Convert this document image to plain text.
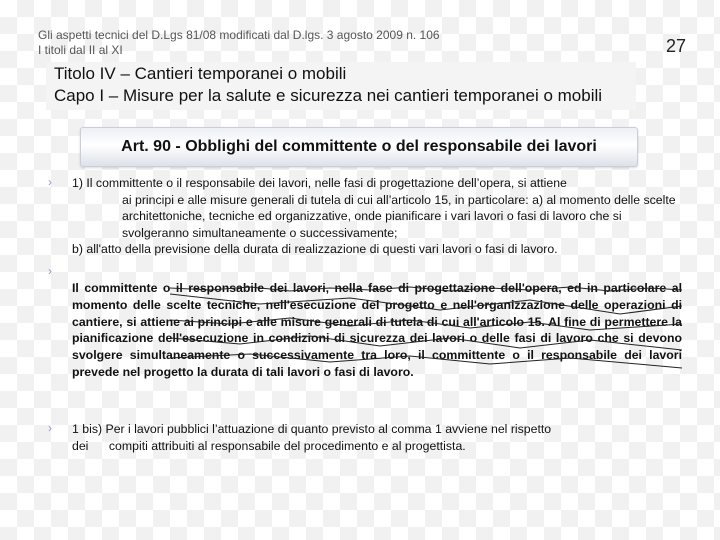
Gli aspetti tecnici del D.Lgs 81/08 modificati dal D.lgs. 3 agosto 2009 n. 106
I titoli dal II al XI	27
Titolo IV – Cantieri temporanei o mobili
Capo I – Misure per la salute e sicurezza nei cantieri temporanei o mobili
Art. 90 - Obblighi del committente o del responsabile dei lavori
›
›
›
1) Il committente o il responsabile dei lavori, nelle fasi di progettazione dell’opera, si attiene
ai principi e alle misure generali di tutela di cui all’articolo 15, in particolare: a) al momento delle scelte architettoniche, tecniche ed organizzative, onde pianificare i vari lavori o fasi di lavoro che si svolgeranno simultaneamente o successivamente;
b) all'atto della previsione della durata di realizzazione di questi vari lavori o fasi di lavoro.
Il committente o il responsabile dei lavori, nella fase di progettazione dell'opera, ed in particolare al momento delle scelte tecniche, nell'esecuzione del progetto e nell'organizzazione delle operazioni di cantiere, si attiene ai principi e alle misure generali di tutela di cui all'articolo 15. Al fine di permettere la pianificazione dell'esecuzione in condizioni di sicurezza dei lavori o delle fasi di lavoro che si devono svolgere simultaneamente o successivamente tra loro, il committente o il responsabile dei lavori prevede nel progetto la durata di tali lavori o fasi di lavoro.
1 bis) Per i lavori pubblici l’attuazione di quanto previsto al comma 1 avviene nel rispetto
dei      compiti attribuiti al responsabile del procedimento e al progettista.
